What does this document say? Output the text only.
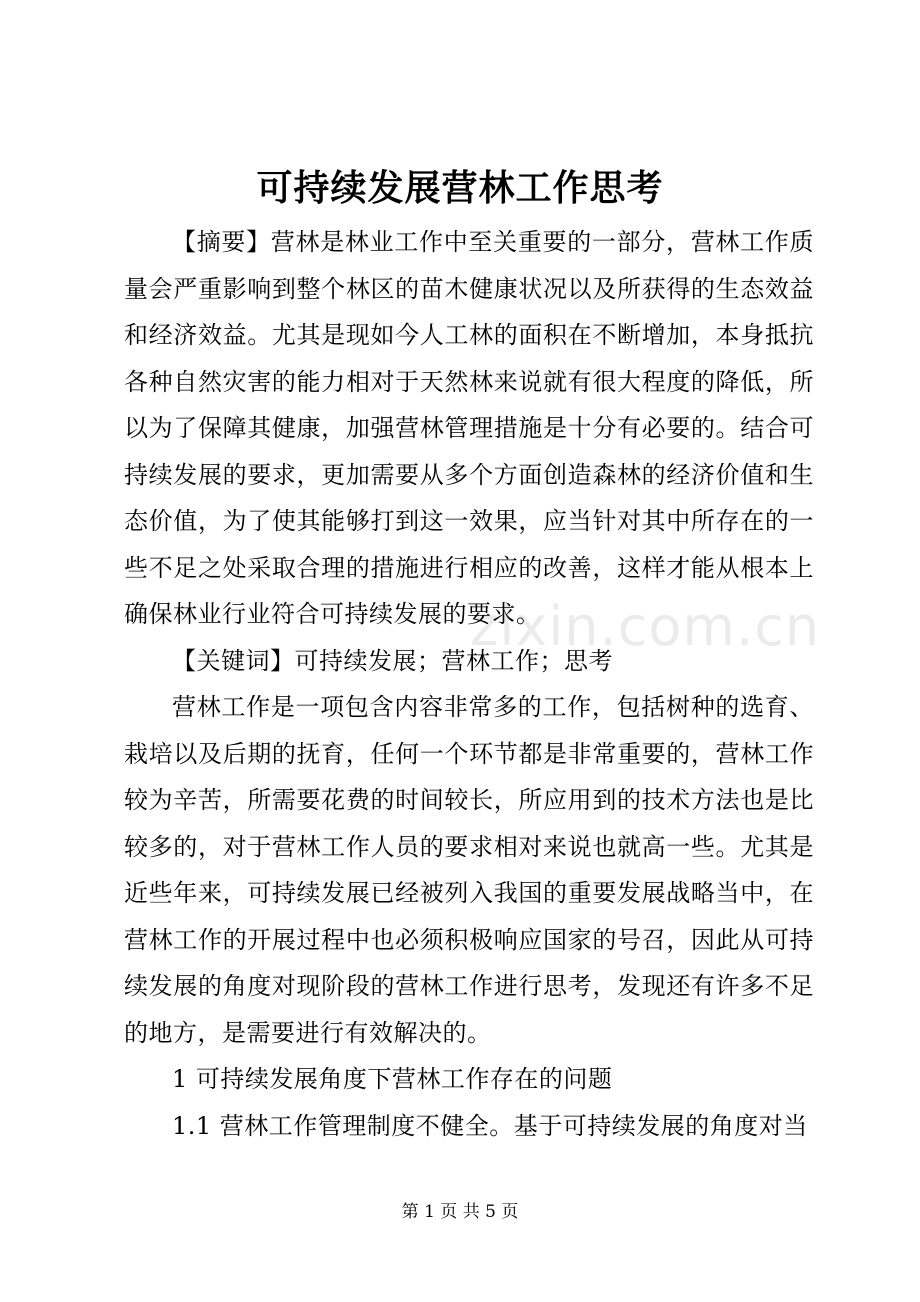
可持续发展营林工作思考

【摘要】营林是林业工作中至关重要的一部分，营林工作质量会严重影响到整个林区的苗木健康状况以及所获得的生态效益和经济效益。尤其是现如今人工林的面积在不断增加，本身抵抗各种自然灾害的能力相对于天然林来说就有很大程度的降低，所以为了保障其健康，加强营林管理措施是十分有必要的。结合可持续发展的要求，更加需要从多个方面创造森林的经济价值和生态价值，为了使其能够打到这一效果，应当针对其中所存在的一些不足之处采取合理的措施进行相应的改善，这样才能从根本上确保林业行业符合可持续发展的要求。

【关键词】可持续发展；营林工作；思考

营林工作是一项包含内容非常多的工作，包括树种的选育、栽培以及后期的抚育，任何一个环节都是非常重要的，营林工作较为辛苦，所需要花费的时间较长，所应用到的技术方法也是比较多的，对于营林工作人员的要求相对来说也就高一些。尤其是近些年来，可持续发展已经被列入我国的重要发展战略当中，在营林工作的开展过程中也必须积极响应国家的号召，因此从可持续发展的角度对现阶段的营林工作进行思考，发现还有许多不足的地方，是需要进行有效解决的。

1 可持续发展角度下营林工作存在的问题

1.1 营林工作管理制度不健全。基于可持续发展的角度对当

zixin.com.cn
第 1 页 共 5 页
